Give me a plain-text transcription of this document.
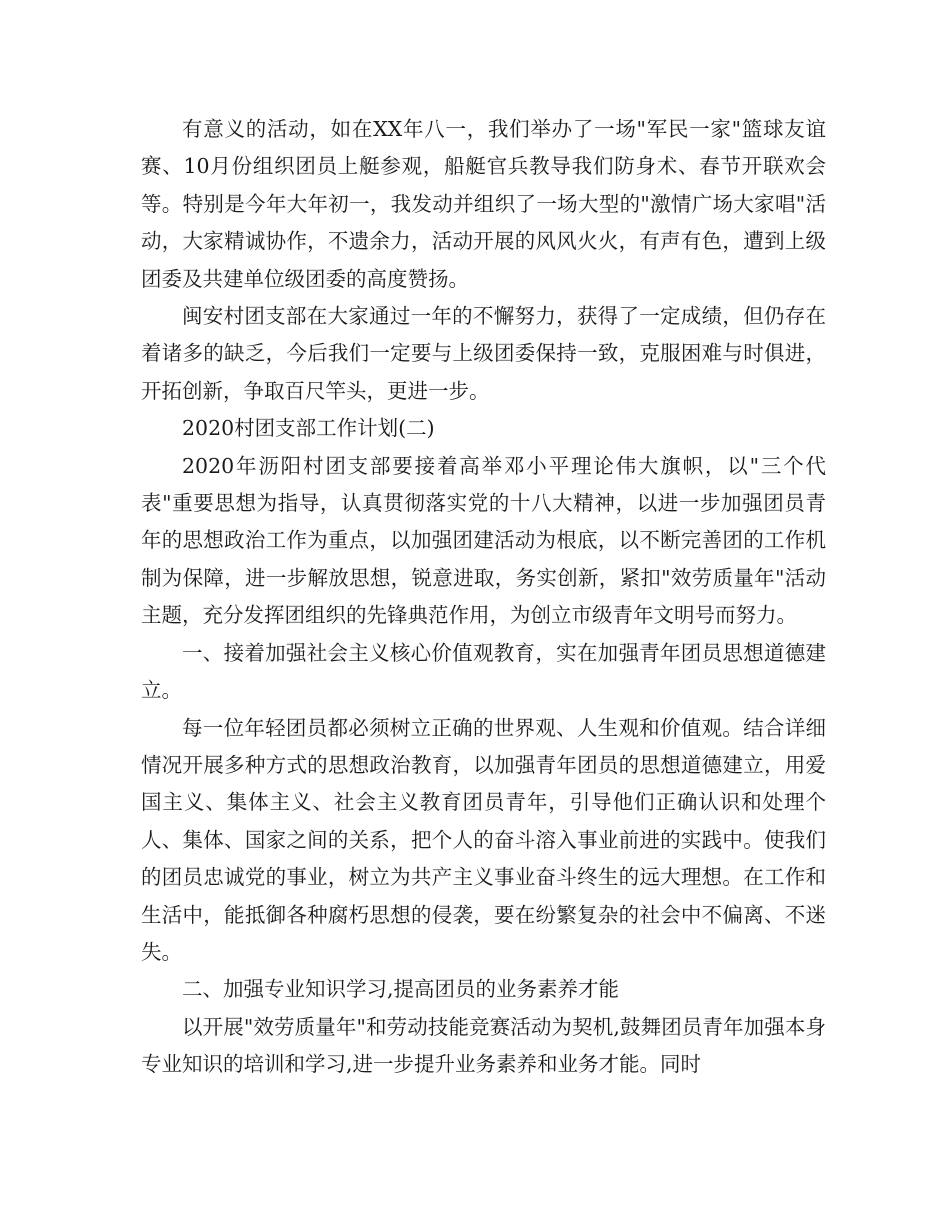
有意义的活动，如在XX年八一，我们举办了一场"军民一家"篮球友谊赛、10月份组织团员上艇参观，船艇官兵教导我们防身术、春节开联欢会等。特别是今年大年初一，我发动并组织了一场大型的"激情广场大家唱"活动，大家精诚协作，不遗余力，活动开展的风风火火，有声有色，遭到上级团委及共建单位级团委的高度赞扬。

闽安村团支部在大家通过一年的不懈努力，获得了一定成绩，但仍存在着诸多的缺乏，今后我们一定要与上级团委保持一致，克服困难与时俱进，开拓创新，争取百尺竿头，更进一步。

2020村团支部工作计划(二)

2020年沥阳村团支部要接着高举邓小平理论伟大旗帜，以"三个代表"重要思想为指导，认真贯彻落实党的十八大精神，以进一步加强团员青年的思想政治工作为重点，以加强团建活动为根底，以不断完善团的工作机制为保障，进一步解放思想，锐意进取，务实创新，紧扣"效劳质量年"活动主题，充分发挥团组织的先锋典范作用，为创立市级青年文明号而努力。

一、接着加强社会主义核心价值观教育，实在加强青年团员思想道德建立。

每一位年轻团员都必须树立正确的世界观、人生观和价值观。结合详细情况开展多种方式的思想政治教育，以加强青年团员的思想道德建立，用爱国主义、集体主义、社会主义教育团员青年，引导他们正确认识和处理个人、集体、国家之间的关系，把个人的奋斗溶入事业前进的实践中。使我们的团员忠诚党的事业，树立为共产主义事业奋斗终生的远大理想。在工作和生活中，能抵御各种腐朽思想的侵袭，要在纷繁复杂的社会中不偏离、不迷失。

二、加强专业知识学习,提高团员的业务素养才能

以开展"效劳质量年"和劳动技能竞赛活动为契机,鼓舞团员青年加强本身专业知识的培训和学习,进一步提升业务素养和业务才能。同时
